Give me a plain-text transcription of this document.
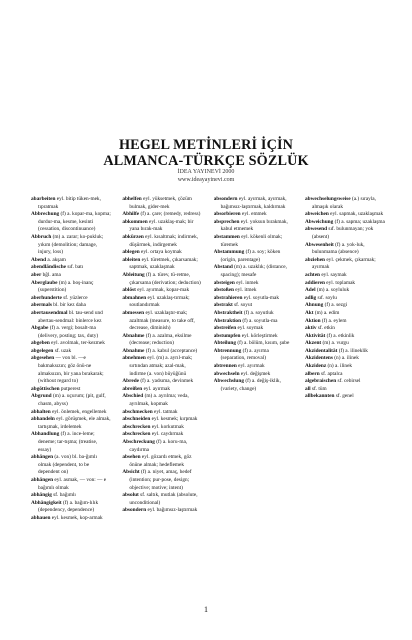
HEGEL METİNLERİ İÇİN
ALMANCA-TÜRKÇE SÖZLÜK
İDEA YAYINEVİ 2000
www.ideayayinevi.com

abarbeiten eyl. bitip tüken-mek, tıpratmak

Abbrechung (f) a. kopar-ma, kopma; durdur-ma, kesme, kesinti (cessation, discontinuance)

Abbruch (m) a. zarar; ko-pukluk; yıkım (demolition; damage, injury, loss)

Abend a. akşam

abendländische sıf. batı

aber bğl. ama

Aberglaube (m) a. boş-inanç (superstition)

aberhunderte sf. yüzlerce

abermals bl. bir kez daha

abertausendmal bl. tau-send und abertau-sendmal: binlerce kez

Abgabe (f) a. vergi; bosalt-ma (delivery, posting; tax, duty)

abgeben eyl. avolmak, ter-kezmek

abgelegen sf. uzak

abgesehen — von bl. —e bakmaksızın; göz önü-ne almaksızın, bir yana bırakarak; (without regard to)

abgöttischen putperest

Abgrund (m) a. uçurum; (pit, gulf, chasm, abyss)

abhalten eyl. önlemek, engellemek

abhandeln eyl. görüşmek, ele almak, tartışmak, irdelemek

Abhandlung (f) a. ince-leme; deneme; tar-tışma; (treatise, essay)

abhängen (a. von) bl. ba-ğımlı olmak (dependent, to be dependent on)

abhängen eyl. asmak, — von: — e bağımlı olmak

abhängig sf. bağımlı

Abhängigkeit (f) a. bağım-lılık (dependency, dependence)

abhauen eyl. kesmek, kop-armak

abhelfen eyl. yüksetmek, çözüm bulmak, gider-mek

Abhilfe (f) a. çare; (remedy, redress)

abkommen eyl. uzaklaş-mak; bir yana bırak-mak

abkürzen eyl. kısaltmak; indirmek, düşürmek, indirgemek

ablegen eyl. ortaya koymak

ableiten eyl. türetmek, çıkarsamak; saptmak, uzaklaşmak

Ableitung (f) a. türev, tü-retme, çıkarsama (derivation; deduction)

ablöst eyl. ayırmak, kopar-mak

abmahnen eyl. uzaklaş-tırmak; soutlandırmak

abmessen eyl. uzaklaştır-mak; azaltmak (measure, to take off, decrease, diminish)

Abnahme (f) a. azalma, eksilme (decrease; reduction)

Abnahme (f) a. kabul (acceptance)

abnehmen eyl. (m) a. ayrıl-mak; sırtından atmak; azal-mak, indirme (a. von) büyüğünü

Abrede (f) a. yadsıma, devinmek

abreißen eyl. ayırmak

Abschied (m) a. ayrılma; veda, ayrılmak, kopmak

abschmecken eyl. tatmak

abschneiden eyl. kesmek; kırpmak

abschrecken eyl. korkutmak

abschrecken eyl. caydırmak

Abschreckung (f) a. koru-ma, caydırma

absehen eyl. gözardı etmek, göz önüne almak; hedeflemek

Absicht (f) a. niyet, amaç, hedef (intention; pur-pose, design; objective; motive; intent)

absolut sf. saltık, mutlak (absolute, unconditional)

absondern eyl. bağımsız-laştırmak

absondern eyl. ayırmak, ayırmak, bağımsız-laştırmak, kaldırmak

absorbieren eyl. emmek

absprechen eyl. yoksun bırakmak, kabul etmemek

abstammen eyl. kökenli olmak; türemek

Abstammung (f) a. soy; köken (origin, parentage)

Abstand (m) a. uzaklık; (distance, spacing); mesafe

absteigen eyl. inmek

abstoßen eyl. itmek

abstrahieren eyl. soyutla-mak

abstrakt sf. soyut

Abstraktheit (f) a. soyutluk

Abstraktion (f) a. soyutla-ma

abstreifen eyl. soymak

abstumpfen eyl. körleştirmek

Abteilung (f) a. bölüm, kısım, şube

Abtrennung (f) a. ayırma (separation, removal)

abtrennen eyl. ayırmak

abwechseln eyl. değişmek

Abwechslung (f) a. değiş-iklik, (variety, change)

abwechselungsweise (a.) sırayla, almaşık olarak

abweichen eyl. sapmak, uzaklaşmak

Abweichung (f) a. sapma; uzaklaşma

abwesend sıf. bulunmayan; yok (absent)

Abwesenheit (f) a. yok-luk, bulunmama (absence)

abziehen eyl. çekmek, çıkarmak; ayırmak

achten eyl. saymak

addieren eyl. toplamak

Adel (m) a. soyluluk

adlig sıf. soylu

Ahnung (f) a. sezgi

Akt (m) a. edim

Aktion (f) a. eylem

aktiv sf. etkin

Aktivität (f) a. etkinlik

Akzent (m) a. vurgu

Akzidentalität (f) a. ilineklik

Akzidentens (n) a. ilinek

Akzidenz (n) a. ilinek

albern sf. aptalca

algebraischen sf. cebirsel

all sf. tüm

allbekannten sf. genel

1
